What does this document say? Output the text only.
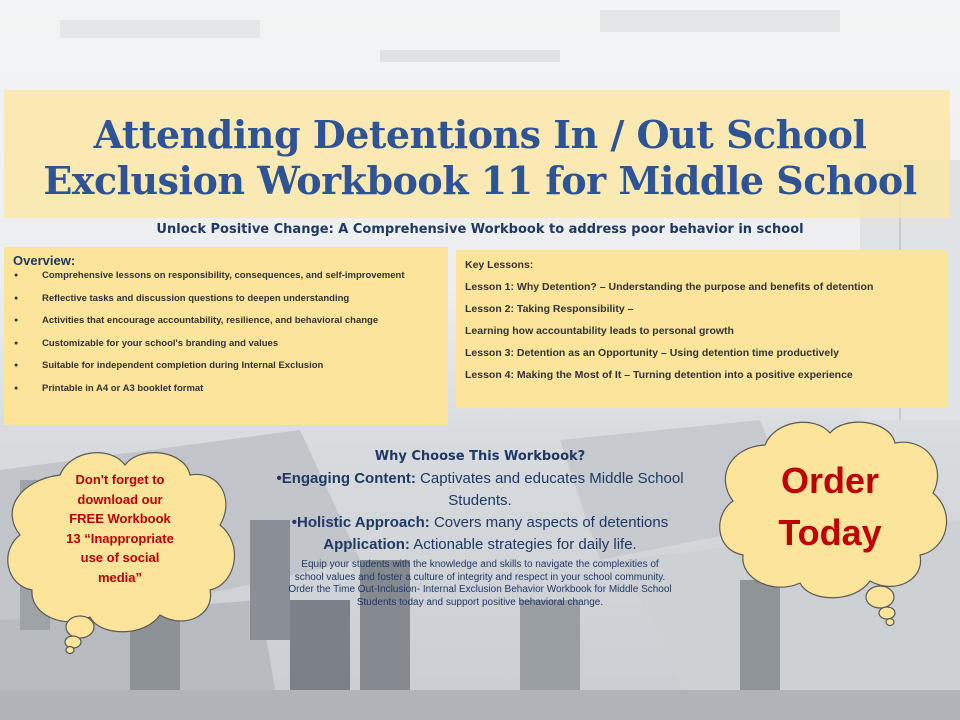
Attending Detentions In / Out School
Exclusion Workbook 11 for Middle School
Unlock Positive Change: A Comprehensive Workbook to address poor behavior in school
Overview:
● Comprehensive lessons on responsibility, consequences, and self-improvement
● Reflective tasks and discussion questions to deepen understanding
● Activities that encourage accountability, resilience, and behavioral change
● Customizable for your school's branding and values
● Suitable for independent completion during Internal Exclusion
● Printable in A4 or A3 booklet format
Key Lessons:
Lesson 1: Why Detention? – Understanding the purpose and benefits of detention
Lesson 2: Taking Responsibility –
Learning how accountability leads to personal growth
Lesson 3: Detention as an Opportunity – Using detention time productively
Lesson 4: Making the Most of It – Turning detention into a positive experience
Why Choose This Workbook?
•Engaging Content: Captivates and educates Middle School
Students.
•Holistic Approach: Covers many aspects of detentions
Application: Actionable strategies for daily life.
Equip your students with the knowledge and skills to navigate the complexities of
school values and foster a culture of integrity and respect in your school community.
Order the Time Out-Inclusion- Internal Exclusion Behavior Workbook for Middle School
Students today and support positive behavioral change.
Don't forget to
download our
FREE Workbook
13 “Inappropriate
use of social
media”
Order
Today
